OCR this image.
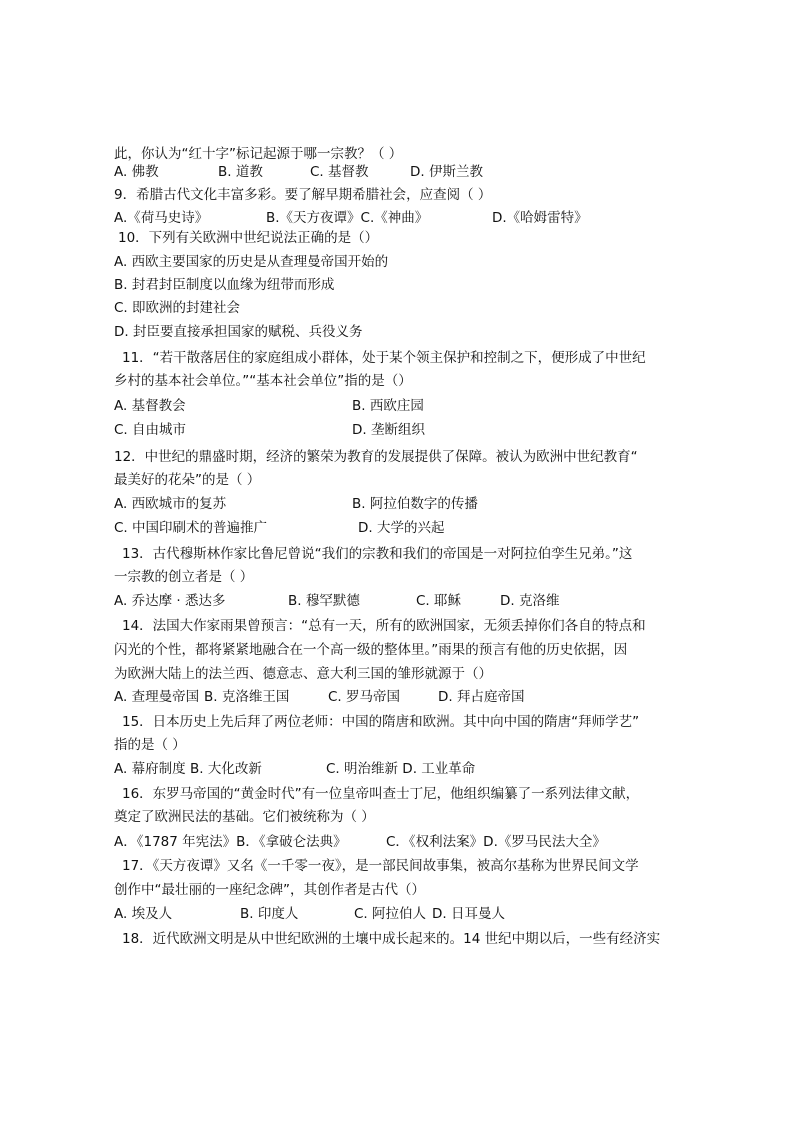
此，你认为“红十字”标记起源于哪一宗教？（ ）
A. 佛教	B. 道教	C. 基督教	D. 伊斯兰教
9．希腊古代文化丰富多彩。要了解早期希腊社会，应查阅（ ）
A.《荷马史诗》	B.《天方夜谭》C.《神曲》	D.《哈姆雷特》
10．下列有关欧洲中世纪说法正确的是（）
A. 西欧主要国家的历史是从查理曼帝国开始的
B. 封君封臣制度以血缘为纽带而形成
C. 即欧洲的封建社会
D. 封臣要直接承担国家的赋税、兵役义务
11．“若干散落居住的家庭组成小群体，处于某个领主保护和控制之下，便形成了中世纪
乡村的基本社会单位。”“基本社会单位”指的是（）
A. 基督教会	B. 西欧庄园
C. 自由城市	D. 垄断组织
12．中世纪的鼎盛时期，经济的繁荣为教育的发展提供了保障。被认为欧洲中世纪教育“
最美好的花朵”的是（ ）
A. 西欧城市的复苏	B. 阿拉伯数字的传播
C. 中国印刷术的普遍推广	D. 大学的兴起
13．古代穆斯林作家比鲁尼曾说“我们的宗教和我们的帝国是一对阿拉伯孪生兄弟。”这
一宗教的创立者是（ ）
A. 乔达摩 · 悉达多	B. 穆罕默德	C. 耶稣	D. 克洛维
14．法国大作家雨果曾预言：“总有一天，所有的欧洲国家，无须丢掉你们各自的特点和
闪光的个性，都将紧紧地融合在一个高一级的整体里。”雨果的预言有他的历史依据，因
为欧洲大陆上的法兰西、德意志、意大利三国的雏形就源于（）
A. 查理曼帝国 B. 克洛维王国	C. 罗马帝国	D. 拜占庭帝国
15．日本历史上先后拜了两位老师：中国的隋唐和欧洲。其中向中国的隋唐“拜师学艺”
指的是（ ）
A. 幕府制度 B. 大化改新	C. 明治维新 D. 工业革命
16．东罗马帝国的“黄金时代”有一位皇帝叫查士丁尼，他组织编纂了一系列法律文献，
奠定了欧洲民法的基础。它们被统称为（ ）
A．《1787 年宪法》B．《拿破仑法典》	C．《权利法案》D.《罗马民法大全》
17．《天方夜谭》又名《一千零一夜》，是一部民间故事集，被高尔基称为世界民间文学
创作中“最壮丽的一座纪念碑”，其创作者是古代（）
A. 埃及人	B. 印度人	C. 阿拉伯人 D. 日耳曼人
18．近代欧洲文明是从中世纪欧洲的土壤中成长起来的。14 世纪中期以后，一些有经济实
